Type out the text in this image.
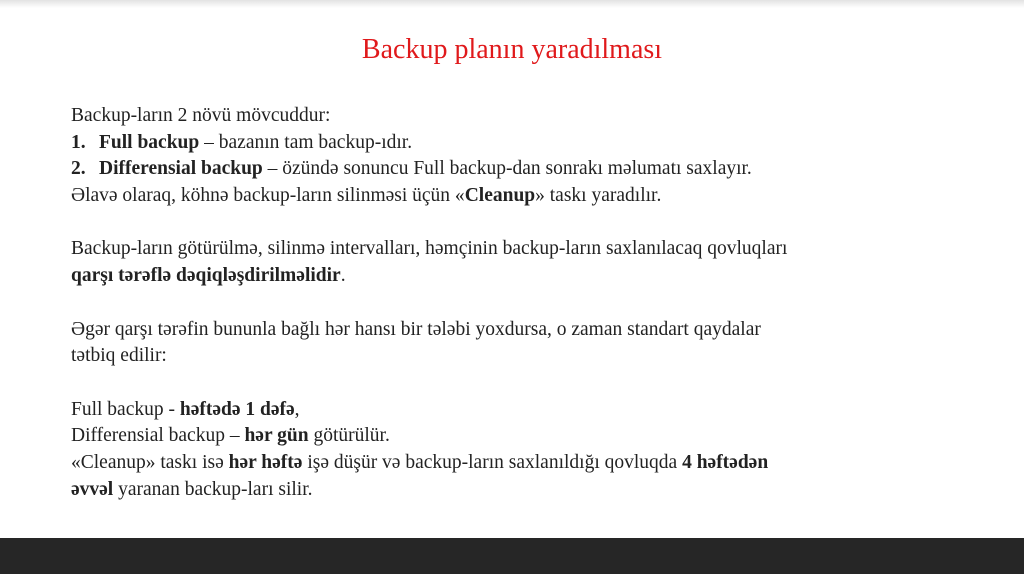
Backup planın yaradılması
Backup-ların 2 növü mövcuddur:
1. Full backup – bazanın tam backup-ıdır.
2. Differensial backup – özündə sonuncu Full backup-dan sonrakı məlumatı saxlayır.
Əlavə olaraq, köhnə backup-ların silinməsi üçün «Cleanup» taskı yaradılır.
Backup-ların götürülmə, silinmə intervalları, həmçinin backup-ların saxlanılacaq qovluqları
qarşı tərəflə dəqiqləşdirilməlidir.
Əgər qarşı tərəfin bununla bağlı hər hansı bir tələbi yoxdursa, o zaman standart qaydalar
tətbiq edilir:
Full backup - həftədə 1 dəfə,
Differensial backup – hər gün götürülür.
«Cleanup» taskı isə hər həftə işə düşür və backup-ların saxlanıldığı qovluqda 4 həftədən
əvvəl yaranan backup-ları silir.
